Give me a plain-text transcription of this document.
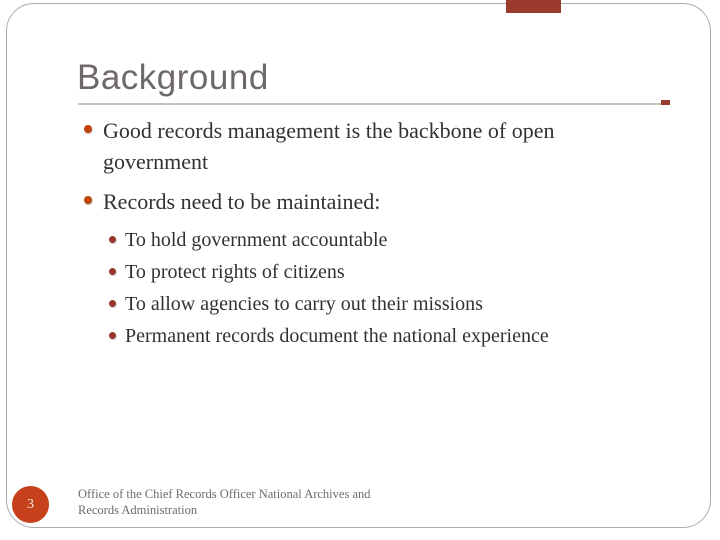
Background
Good records management is the backbone of open government
Records need to be maintained:
To hold government accountable
To protect rights of citizens
To allow agencies to carry out their missions
Permanent records document the national experience
Office of the Chief Records Officer National Archives and
Records Administration
3
